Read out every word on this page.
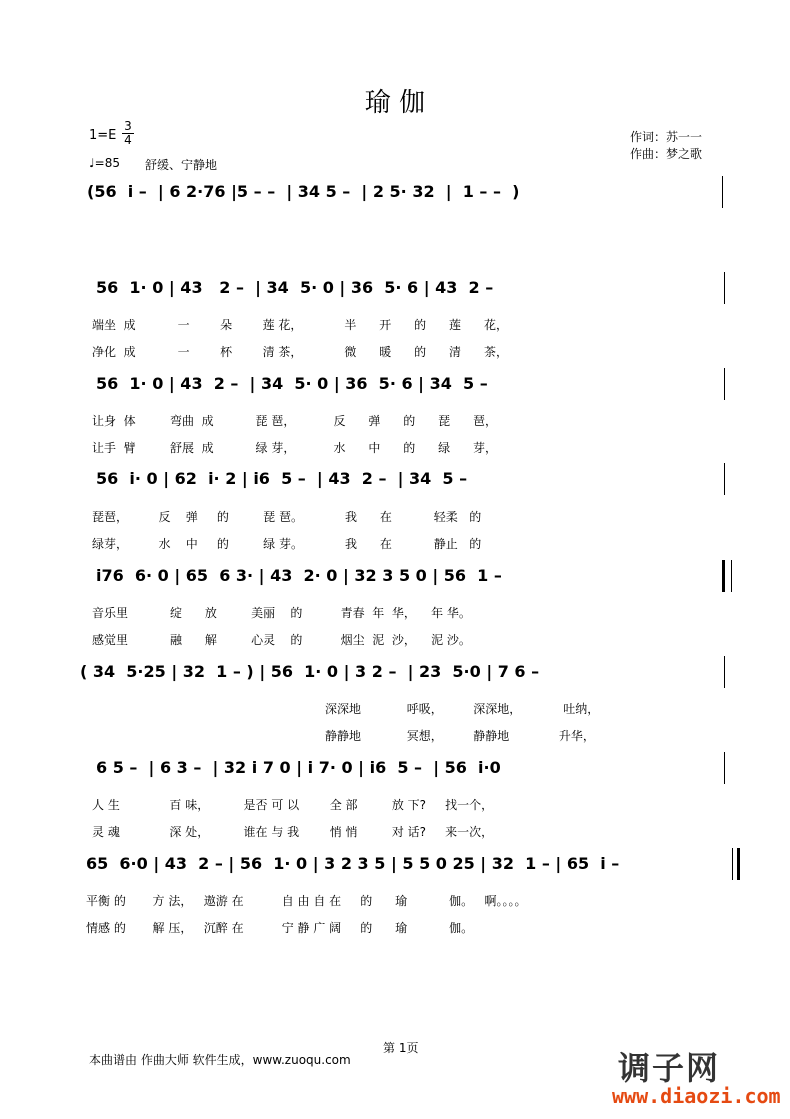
瑜 伽
$1=E \frac{3}{4}$
♩=85 舒缓、宁静地
作词：苏一一
作曲：梦之歌
(56  i –  | 6 2·76 |5 – –  | 34 5 –  | 2 5· 32  |  1 – –  )
56  1· 0 | 43   2 –  | 34  5· 0 | 36  5· 6 | 43  2 –
端坐  成           一        朵        莲 花，           半      开      的      莲      花，
净化  成           一        杯        清 茶，           微      暖      的      清      茶，
56  1· 0 | 43  2 –  | 34  5· 0 | 36  5· 6 | 34  5 –
让身  体         弯曲  成           琵 琶，          反      弹      的      琵      琶，
让手  臂         舒展  成           绿 芽，          水      中      的      绿      芽，
56  i· 0 | 62  i· 2 | i6  5 –  | 43  2 –  | 34  5 –
琵琶，        反    弹     的         琵 琶。           我      在           轻柔   的
绿芽，        水    中     的         绿 芽。           我      在           静止   的
i76  6· 0 | 65  6 3· | 43  2· 0 | 32 3 5 0 | 56  1 –
音乐里           绽      放         美丽    的          青春  年  华，    年 华。
感觉里           融      解         心灵    的          烟尘  泥  沙，    泥 沙。
( 34  5·25 | 32  1 – ) | 56  1· 0 | 3 2 –  | 23  5·0 | 7 6 –
深深地            呼吸，        深深地，           吐纳，
静静地            冥想，        静静地             升华，
6 5 –  | 6 3 –  | 32 i 7 0 | i 7· 0 | i6  5 –  | 56  i·0
人 生             百 味，         是否 可 以        全 部         放 下?     找一个，
灵 魂             深 处，         谁在 与 我        悄 悄         对 话?     来一次，
65  6·0 | 43  2 – | 56  1· 0 | 3 2 3 5 | 5 5 0 25 | 32  1 – | 65  i –
平衡 的       方 法，   遨游 在          自 由 自 在     的      瑜           伽。   啊。。。。
情感 的       解 压，   沉醉 在          宁 静 广 阔     的      瑜           伽。
第 1页
本曲谱由 作曲大师 软件生成，www.zuoqu.com	调子网
www.diaozi.com
